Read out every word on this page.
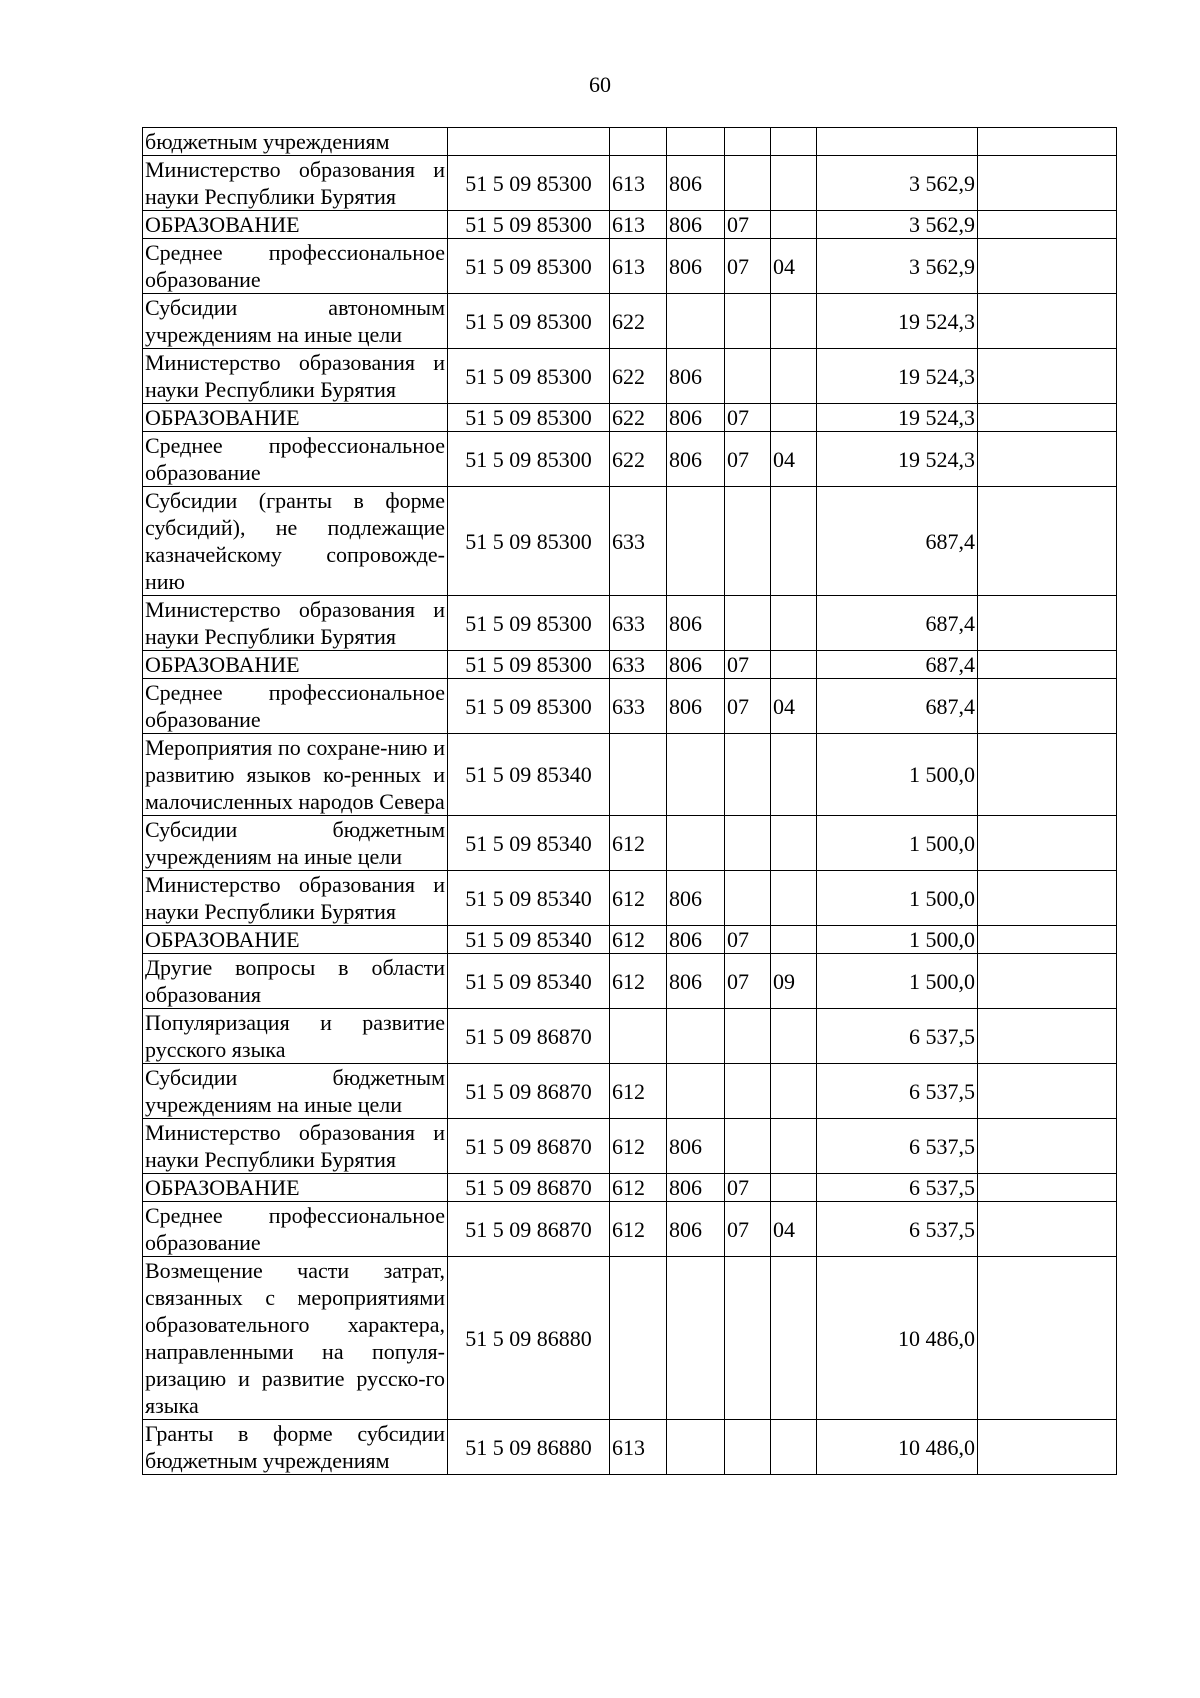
60
бюджетным учреждениям							
Министерство образования и науки Республики Бурятия	51 5 09 85300	613	806			3 562,9	
ОБРАЗОВАНИЕ	51 5 09 85300	613	806	07		3 562,9	
Среднее профессиональное образование	51 5 09 85300	613	806	07	04	3 562,9	
Субсидии автономным учреждениям на иные цели	51 5 09 85300	622				19 524,3	
Министерство образования и науки Республики Бурятия	51 5 09 85300	622	806			19 524,3	
ОБРАЗОВАНИЕ	51 5 09 85300	622	806	07		19 524,3	
Среднее профессиональное образование	51 5 09 85300	622	806	07	04	19 524,3	
Субсидии (гранты в форме субсидий), не подлежащие казначейскому сопровожде-нию	51 5 09 85300	633				687,4	
Министерство образования и науки Республики Бурятия	51 5 09 85300	633	806			687,4	
ОБРАЗОВАНИЕ	51 5 09 85300	633	806	07		687,4	
Среднее профессиональное образование	51 5 09 85300	633	806	07	04	687,4	
Мероприятия по сохране-нию и развитию языков ко-ренных и малочисленных народов Севера	51 5 09 85340					1 500,0	
Субсидии бюджетным учреждениям на иные цели	51 5 09 85340	612				1 500,0	
Министерство образования и науки Республики Бурятия	51 5 09 85340	612	806			1 500,0	
ОБРАЗОВАНИЕ	51 5 09 85340	612	806	07		1 500,0	
Другие вопросы в области образования	51 5 09 85340	612	806	07	09	1 500,0	
Популяризация и развитие русского языка	51 5 09 86870					6 537,5	
Субсидии бюджетным учреждениям на иные цели	51 5 09 86870	612				6 537,5	
Министерство образования и науки Республики Бурятия	51 5 09 86870	612	806			6 537,5	
ОБРАЗОВАНИЕ	51 5 09 86870	612	806	07		6 537,5	
Среднее профессиональное образование	51 5 09 86870	612	806	07	04	6 537,5	
Возмещение части затрат, связанных с мероприятиями образовательного характера, направленными на популя-ризацию и развитие русско-го языка	51 5 09 86880					10 486,0	
Гранты в форме субсидии бюджетным учреждениям	51 5 09 86880	613				10 486,0	
